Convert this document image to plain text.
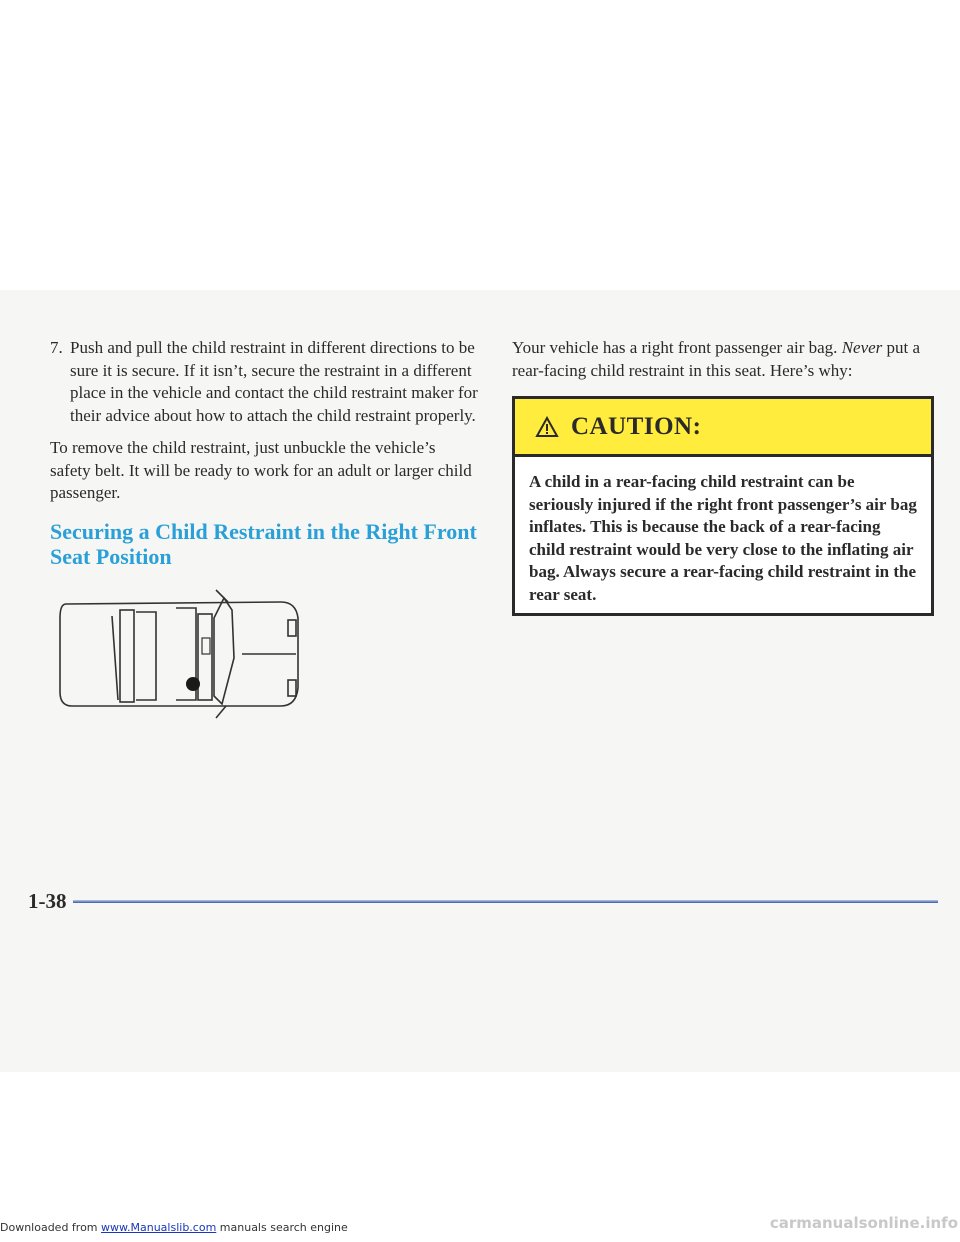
7. Push and pull the child restraint in different directions to be sure it is secure. If it isn’t, secure the restraint in a different place in the vehicle and contact the child restraint maker for their advice about how to attach the child restraint properly.
To remove the child restraint, just unbuckle the vehicle’s safety belt. It will be ready to work for an adult or larger child passenger.
Securing a Child Restraint in the Right Front Seat Position
Your vehicle has a right front passenger air bag. Never put a rear-facing child restraint in this seat. Here’s why:
CAUTION:
A child in a rear-facing child restraint can be seriously injured if the right front passenger’s air bag inflates. This is because the back of a rear-facing child restraint would be very close to the inflating air bag. Always secure a rear-facing child restraint in the rear seat.
1-38
Downloaded from www.Manualslib.com manuals search engine	carmanualsonline.info
